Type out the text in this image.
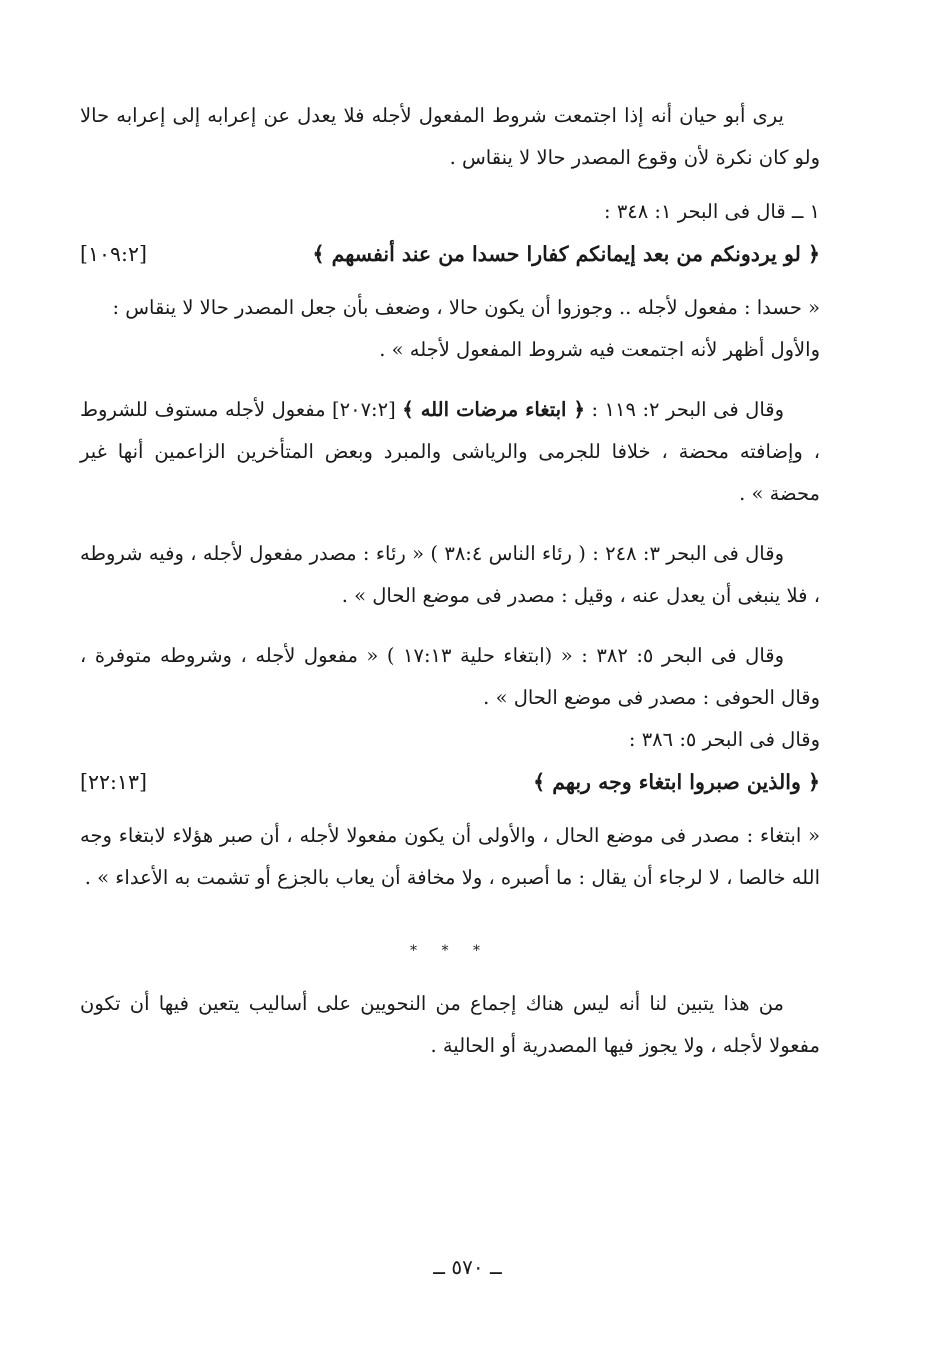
يرى أبو حيان أنه إذا اجتمعت شروط المفعول لأجله فلا يعدل عن إعرابه إلى إعرابه حالا ولو كان نكرة لأن وقوع المصدر حالا لا ينقاس .

١ ــ قال فى البحر ١: ٣٤٨ :

﴿ لو يردونكم من بعد إيمانكم كفارا حسدا من عند أنفسهم ﴾
[١٠٩:٢]

« حسدا : مفعول لأجله .. وجوزوا أن يكون حالا ، وضعف بأن جعل المصدر حالا لا ينقاس :

والأول أظهر لأنه اجتمعت فيه شروط المفعول لأجله » .

وقال فى البحر ٢: ١١٩ : ﴿ ابتغاء مرضات الله ﴾ [٢٠٧:٢] مفعول لأجله مستوف للشروط ، وإضافته محضة ، خلافا للجرمى والرياشى والمبرد وبعض المتأخرين الزاعمين أنها غير محضة » .

وقال فى البحر ٣: ٢٤٨ : ( رئاء الناس ٣٨:٤ ) « رئاء : مصدر مفعول لأجله ، وفيه شروطه ، فلا ينبغى أن يعدل عنه ، وقيل : مصدر فى موضع الحال » .

وقال فى البحر ٥: ٣٨٢ : « (ابتغاء حلية ١٧:١٣ ) « مفعول لأجله ، وشروطه متوفرة ، وقال الحوفى : مصدر فى موضع الحال » .

وقال فى البحر ٥: ٣٨٦ :

﴿ والذين صبروا ابتغاء وجه ربهم ﴾
[٢٢:١٣]

« ابتغاء : مصدر فى موضع الحال ، والأولى أن يكون مفعولا لأجله ، أن صبر هؤلاء لابتغاء وجه الله خالصا ، لا لرجاء أن يقال : ما أصبره ، ولا مخافة أن يعاب بالجزع أو تشمت به الأعداء » .

* * *

من هذا يتبين لنا أنه ليس هناك إجماع من النحويين على أساليب يتعين فيها أن تكون مفعولا لأجله ، ولا يجوز فيها المصدرية أو الحالية .

ــ ٥٧٠ ــ
